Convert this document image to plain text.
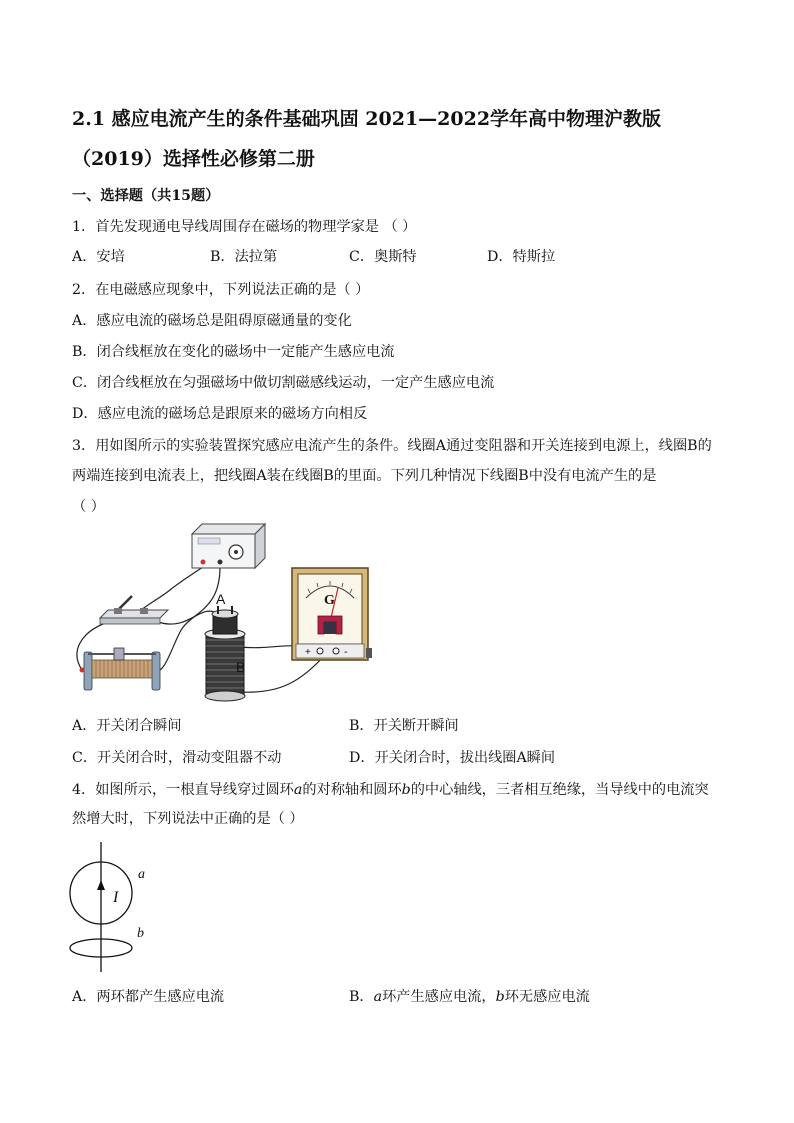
2.1 感应电流产生的条件基础巩固 2021—2022学年高中物理沪教版
（2019）选择性必修第二册
一、选择题（共15题）
1．首先发现通电导线周围存在磁场的物理学家是 （ ）
A．安培	B．法拉第	C．奥斯特	D．特斯拉
2．在电磁感应现象中，下列说法正确的是（ ）
A．感应电流的磁场总是阻碍原磁通量的变化
B．闭合线框放在变化的磁场中一定能产生感应电流
C．闭合线框放在匀强磁场中做切割磁感线运动，一定产生感应电流
D．感应电流的磁场总是跟原来的磁场方向相反
3．用如图所示的实验装置探究感应电流产生的条件。线圈A通过变阻器和开关连接到电源上，线圈B的
两端连接到电流表上，把线圈A装在线圈B的里面。下列几种情况下线圈B中没有电流产生的是
（ ）
A
B
G
+	-
A．开关闭合瞬间	B．开关断开瞬间
C．开关闭合时，滑动变阻器不动	D．开关闭合时，拔出线圈A瞬间
4．如图所示，一根直导线穿过圆环a的对称轴和圆环b的中心轴线，三者相互绝缘，当导线中的电流突
然增大时，下列说法中正确的是（ ）
I
a
b
A．两环都产生感应电流	B．a环产生感应电流，b环无感应电流
